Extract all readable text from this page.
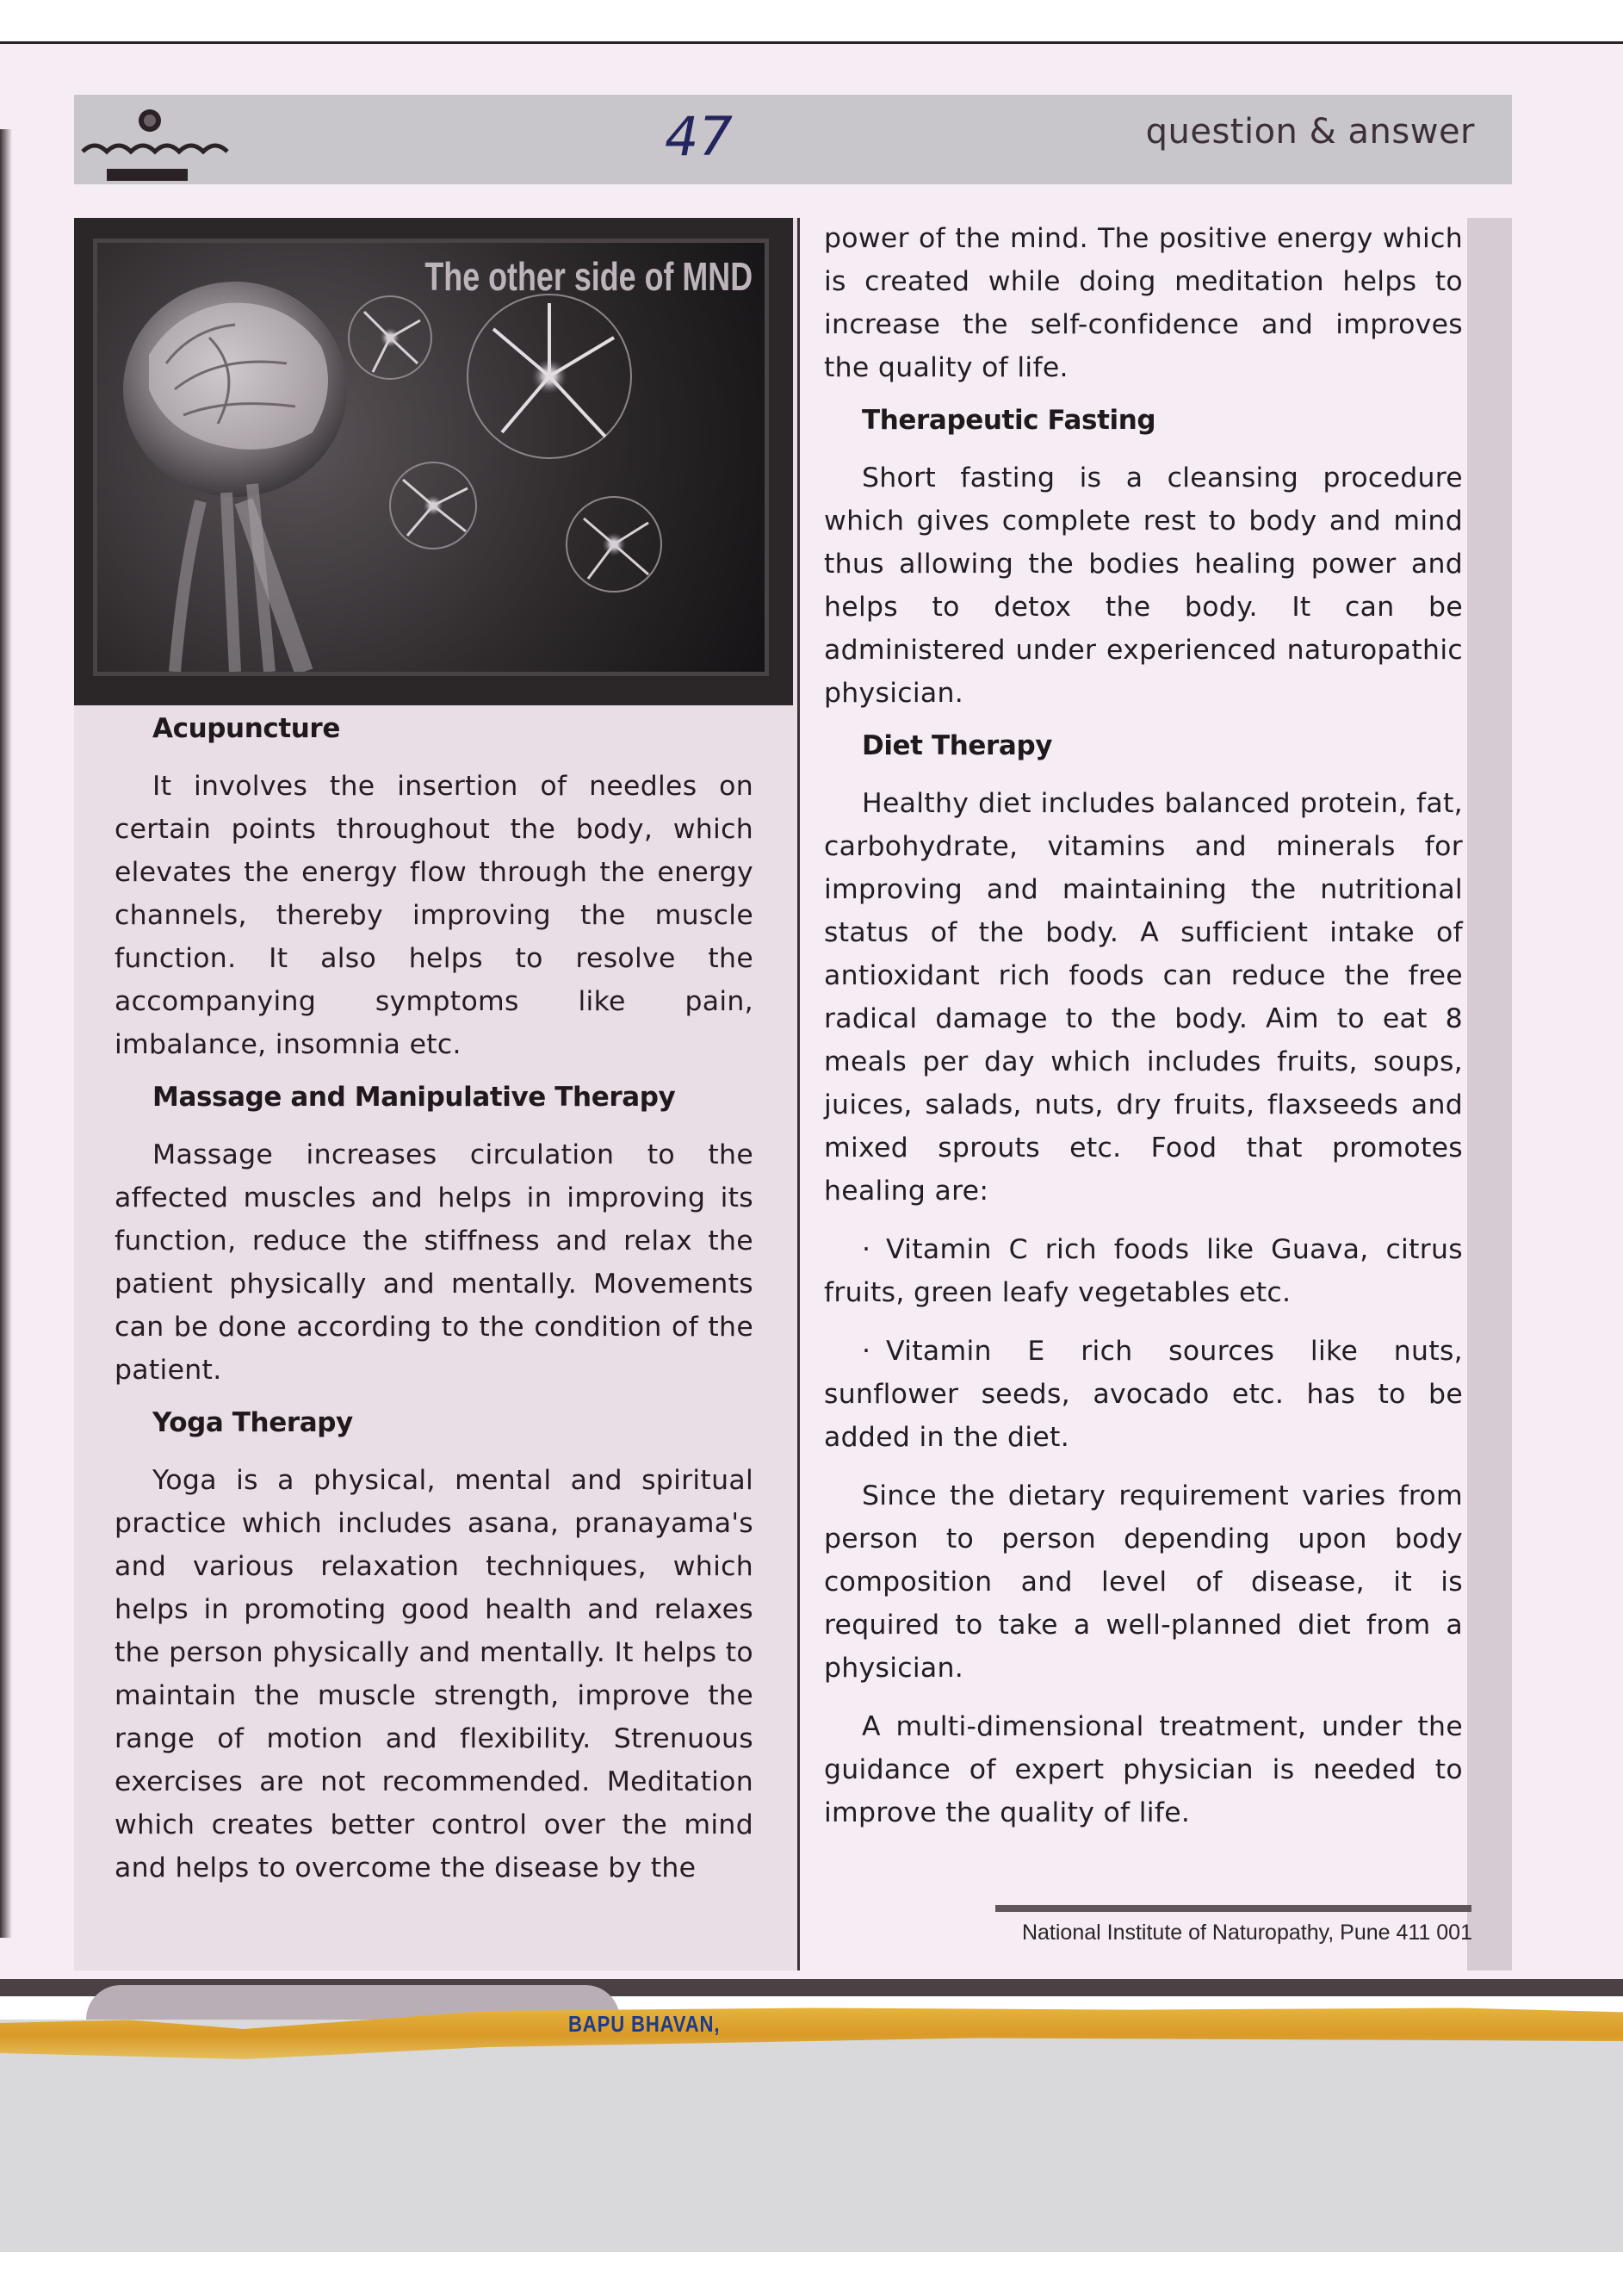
47	question & answer
The other side of MND
Acupuncture

It involves the insertion of needles on certain points throughout the body, which elevates the energy flow through the energy channels, thereby improving the muscle function. It also helps to resolve the accompanying symptoms like pain, imbalance, insomnia etc.

Massage and Manipulative Therapy

Massage increases circulation to the affected muscles and helps in improving its function, reduce the stiffness and relax the patient physically and mentally. Movements can be done according to the condition of the patient.

Yoga Therapy

Yoga is a physical, mental and spiritual practice which includes asana, pranayama's and various relaxation techniques, which helps in promoting good health and relaxes the person physically and mentally. It helps to maintain the muscle strength, improve the range of motion and flexibility. Strenuous exercises are not recommended. Meditation which creates better control over the mind and helps to overcome the disease by the

power of the mind. The positive energy which is created while doing meditation helps to increase the self-confidence and improves the quality of life.

Therapeutic Fasting

Short fasting is a cleansing procedure which gives complete rest to body and mind thus allowing the bodies healing power and helps to detox the body. It can be administered under experienced naturopathic physician.

Diet Therapy

Healthy diet includes balanced protein, fat, carbohydrate, vitamins and minerals for improving and maintaining the nutritional status of the body. A sufficient intake of antioxidant rich foods can reduce the free radical damage to the body. Aim to eat 8 meals per day which includes fruits, soups, juices, salads, nuts, dry fruits, flaxseeds and mixed sprouts etc. Food that promotes healing are:

· Vitamin C rich foods like Guava, citrus fruits, green leafy vegetables etc.

· Vitamin E rich sources like nuts, sunflower seeds, avocado etc. has to be added in the diet.

Since the dietary requirement varies from person to person depending upon body composition and level of disease, it is required to take a well-planned diet from a physician.

A multi-dimensional treatment, under the guidance of expert physician is needed to improve the quality of life.

National Institute of Naturopathy, Pune 411 001
BAPU BHAVAN,
